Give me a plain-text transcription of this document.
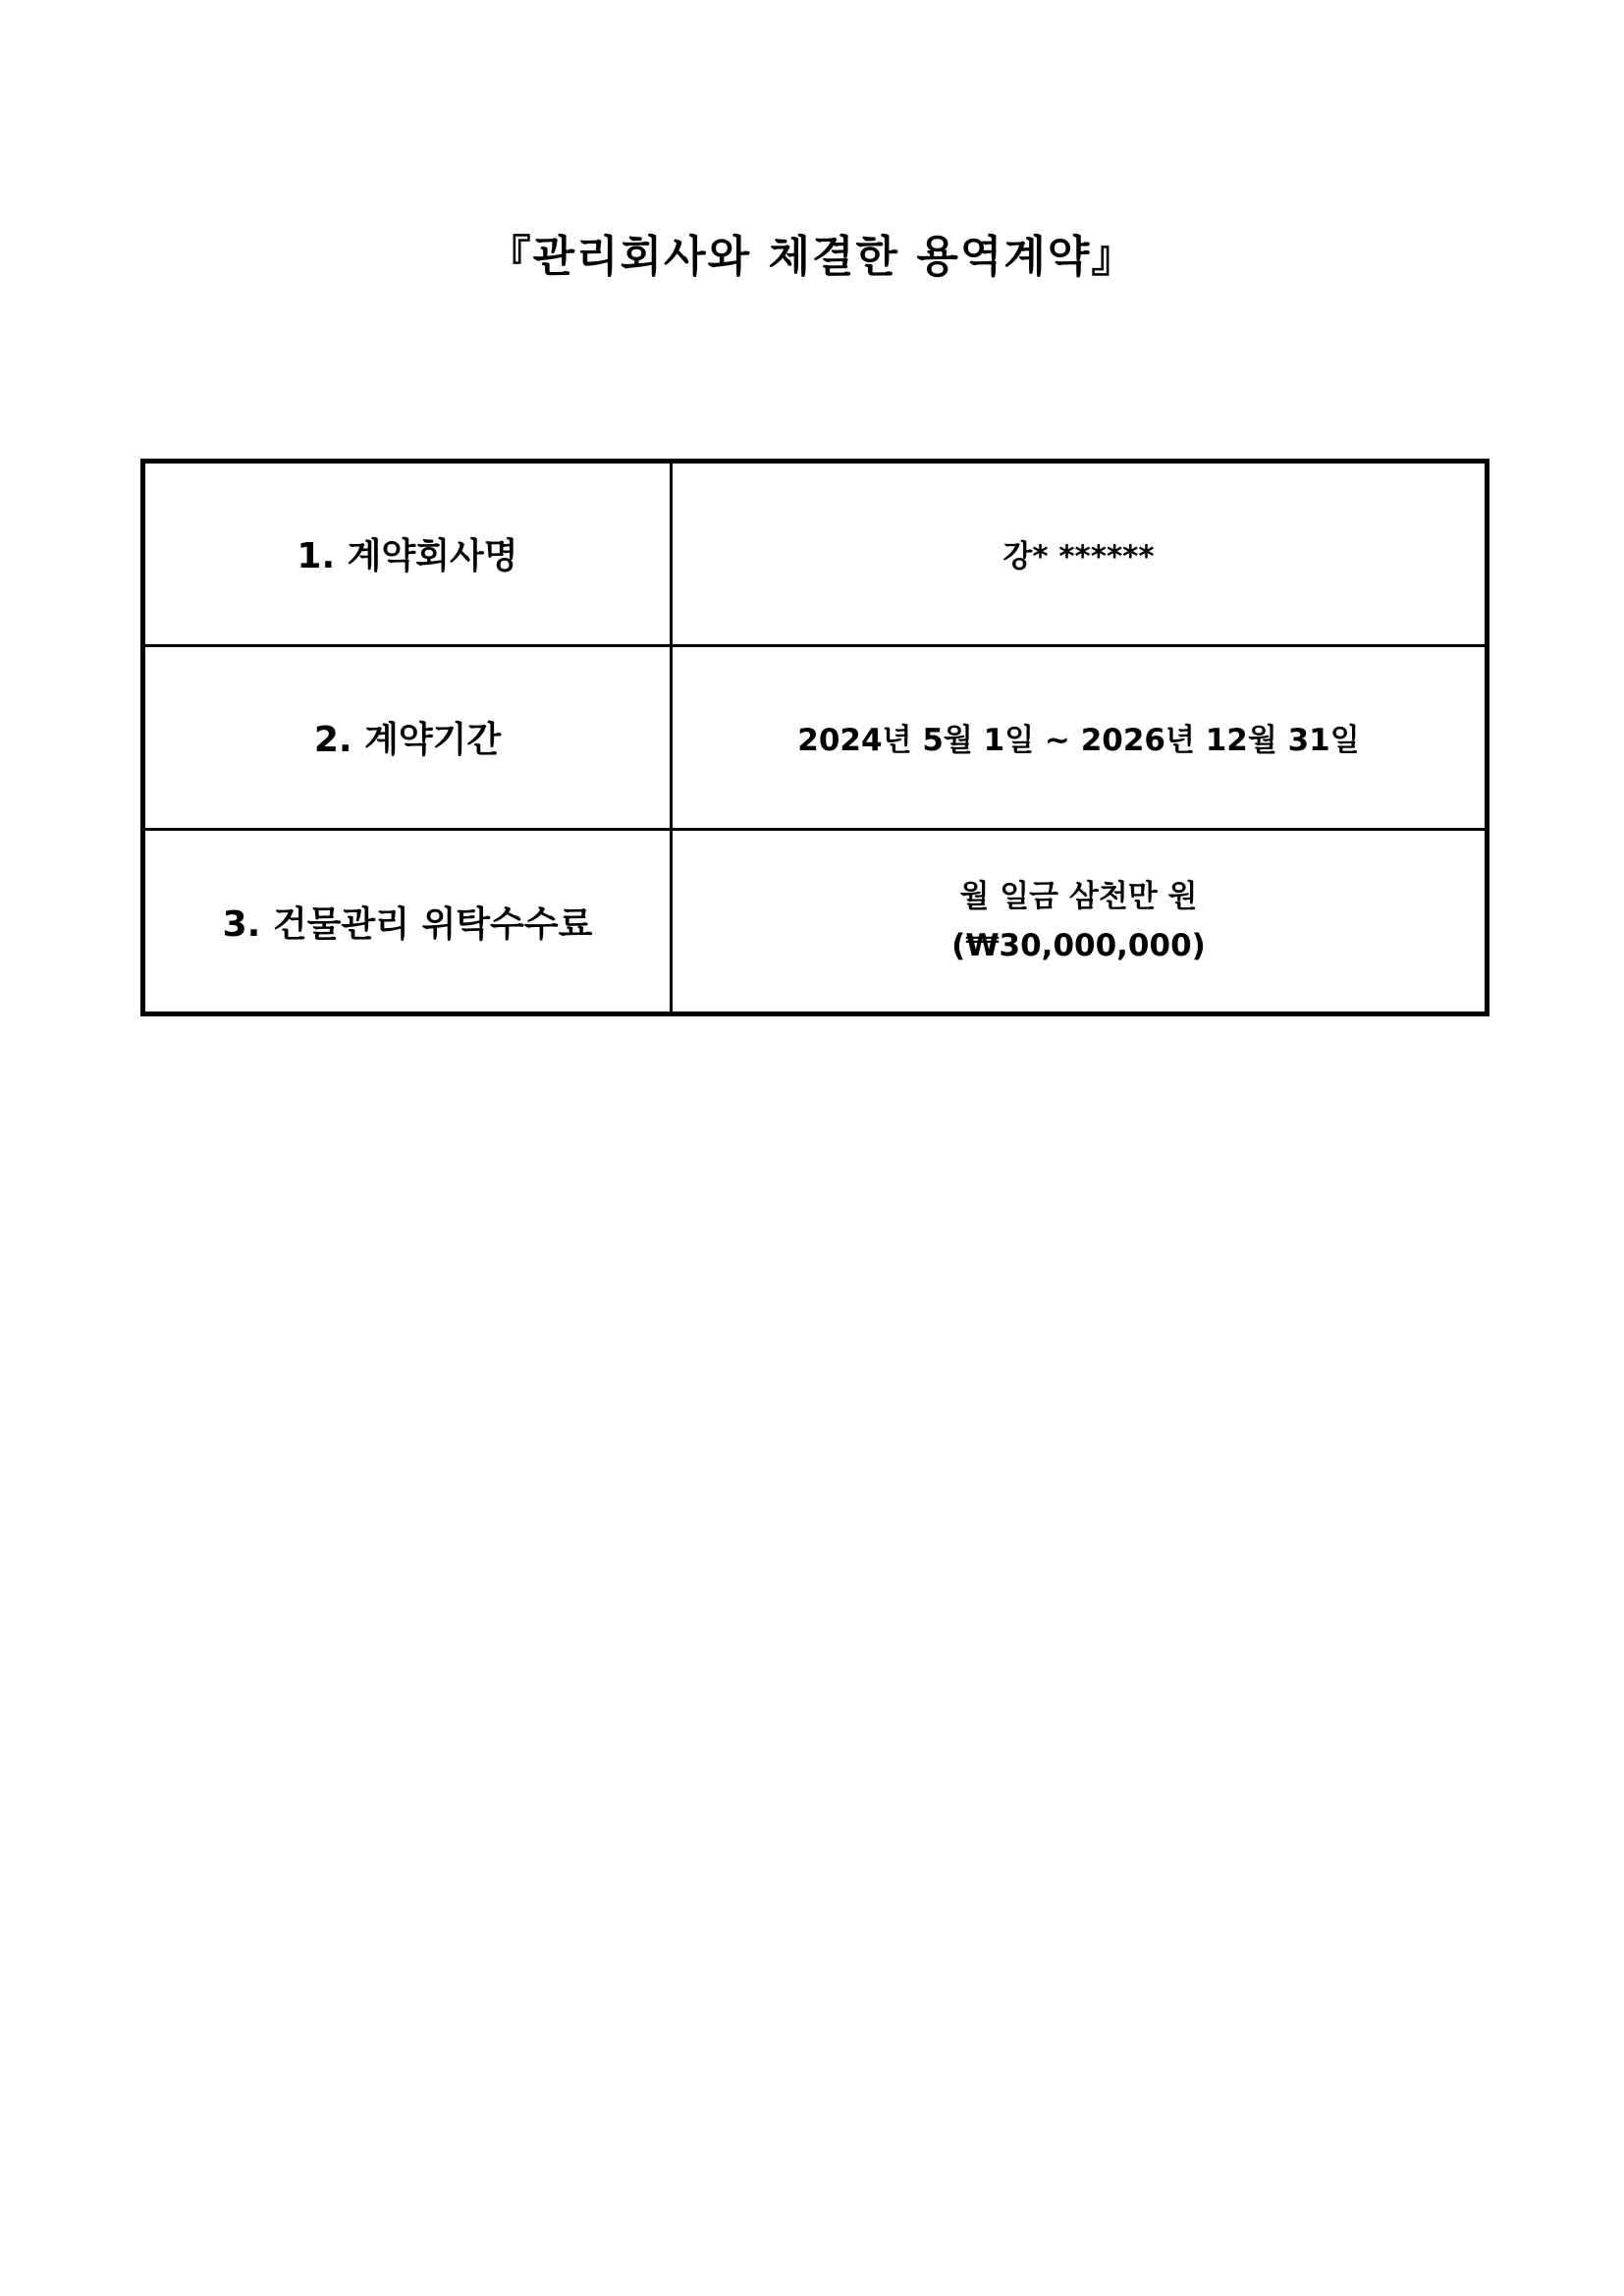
『관리회사와 체결한 용역계약』
1. 계약회사명	강* ******
2. 계약기간	2024년 5월 1일 ~ 2026년 12월 31일
3. 건물관리 위탁수수료	월 일금 삼천만 원
(₩30,000,000)
